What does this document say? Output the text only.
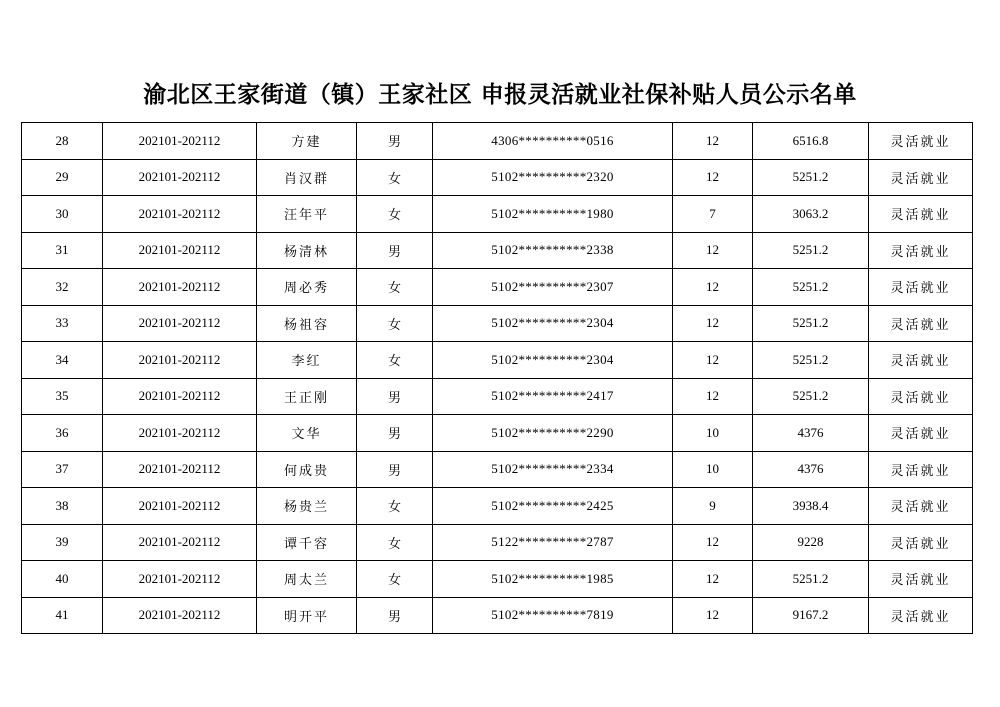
渝北区王家街道（镇）王家社区 申报灵活就业社保补贴人员公示名单
28	202101-202112	方建	男	4306**********0516	12	6516.8	灵活就业
29	202101-202112	肖汉群	女	5102**********2320	12	5251.2	灵活就业
30	202101-202112	汪年平	女	5102**********1980	7	3063.2	灵活就业
31	202101-202112	杨清林	男	5102**********2338	12	5251.2	灵活就业
32	202101-202112	周必秀	女	5102**********2307	12	5251.2	灵活就业
33	202101-202112	杨祖容	女	5102**********2304	12	5251.2	灵活就业
34	202101-202112	李红	女	5102**********2304	12	5251.2	灵活就业
35	202101-202112	王正刚	男	5102**********2417	12	5251.2	灵活就业
36	202101-202112	文华	男	5102**********2290	10	4376	灵活就业
37	202101-202112	何成贵	男	5102**********2334	10	4376	灵活就业
38	202101-202112	杨贵兰	女	5102**********2425	9	3938.4	灵活就业
39	202101-202112	谭千容	女	5122**********2787	12	9228	灵活就业
40	202101-202112	周太兰	女	5102**********1985	12	5251.2	灵活就业
41	202101-202112	明开平	男	5102**********7819	12	9167.2	灵活就业
